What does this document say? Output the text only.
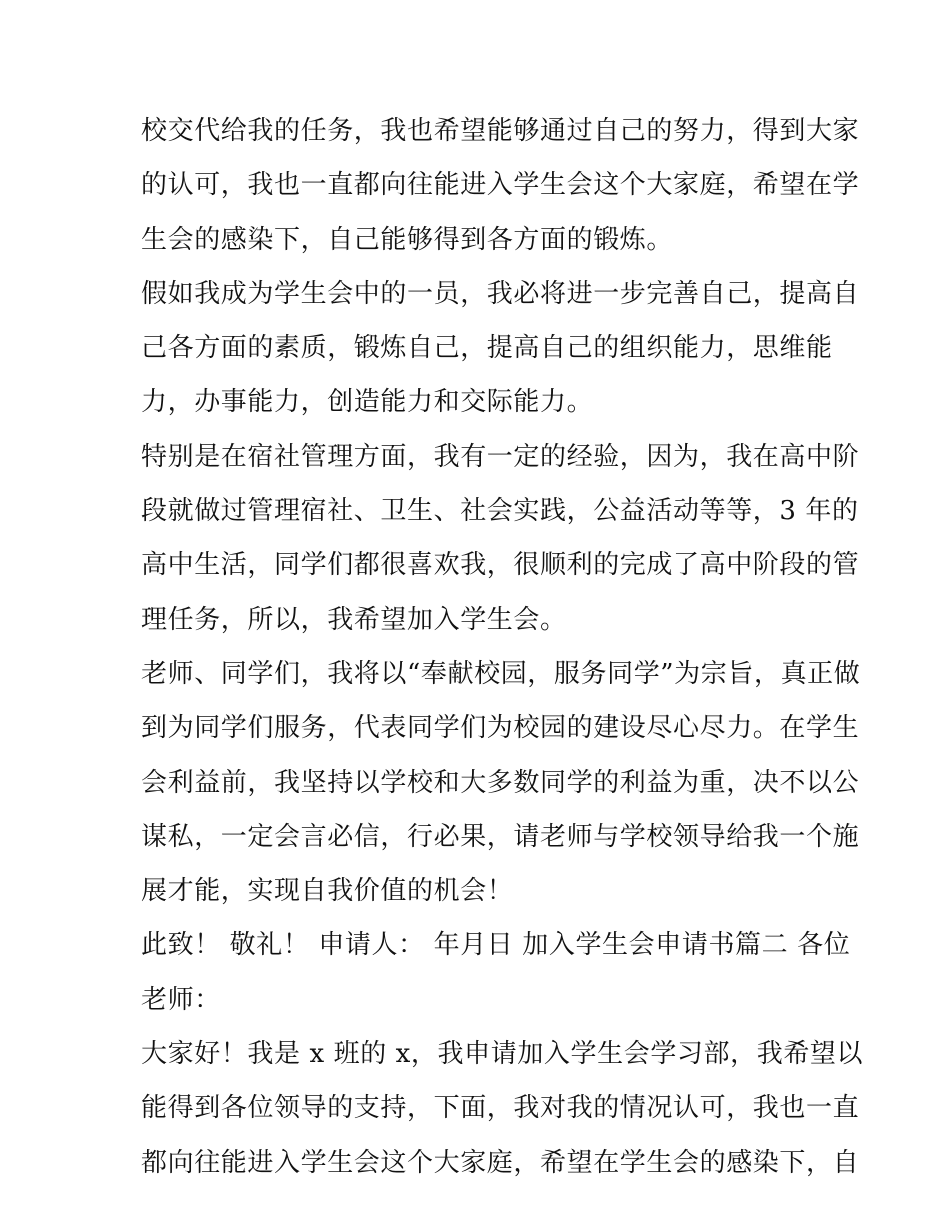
校交代给我的任务，我也希望能够通过自己的努力，得到大家
的认可，我也一直都向往能进入学生会这个大家庭，希望在学
生会的感染下，自己能够得到各方面的锻炼。
假如我成为学生会中的一员，我必将进一步完善自己，提高自
己各方面的素质，锻炼自己，提高自己的组织能力，思维能
力，办事能力，创造能力和交际能力。
特别是在宿社管理方面，我有一定的经验，因为，我在高中阶
段就做过管理宿社、卫生、社会实践，公益活动等等，3 年的
高中生活，同学们都很喜欢我，很顺利的完成了高中阶段的管
理任务，所以，我希望加入学生会。
老师、同学们，我将以“奉献校园，服务同学”为宗旨，真正做
到为同学们服务，代表同学们为校园的建设尽心尽力。在学生
会利益前，我坚持以学校和大多数同学的利益为重，决不以公
谋私，一定会言必信，行必果，请老师与学校领导给我一个施
展才能，实现自我价值的机会！
此致！ 敬礼！ 申请人： 年月日 加入学生会申请书篇二 各位
老师：
大家好！我是 x 班的 x，我申请加入学生会学习部，我希望以
能得到各位领导的支持，下面，我对我的情况认可，我也一直
都向往能进入学生会这个大家庭，希望在学生会的感染下，自
